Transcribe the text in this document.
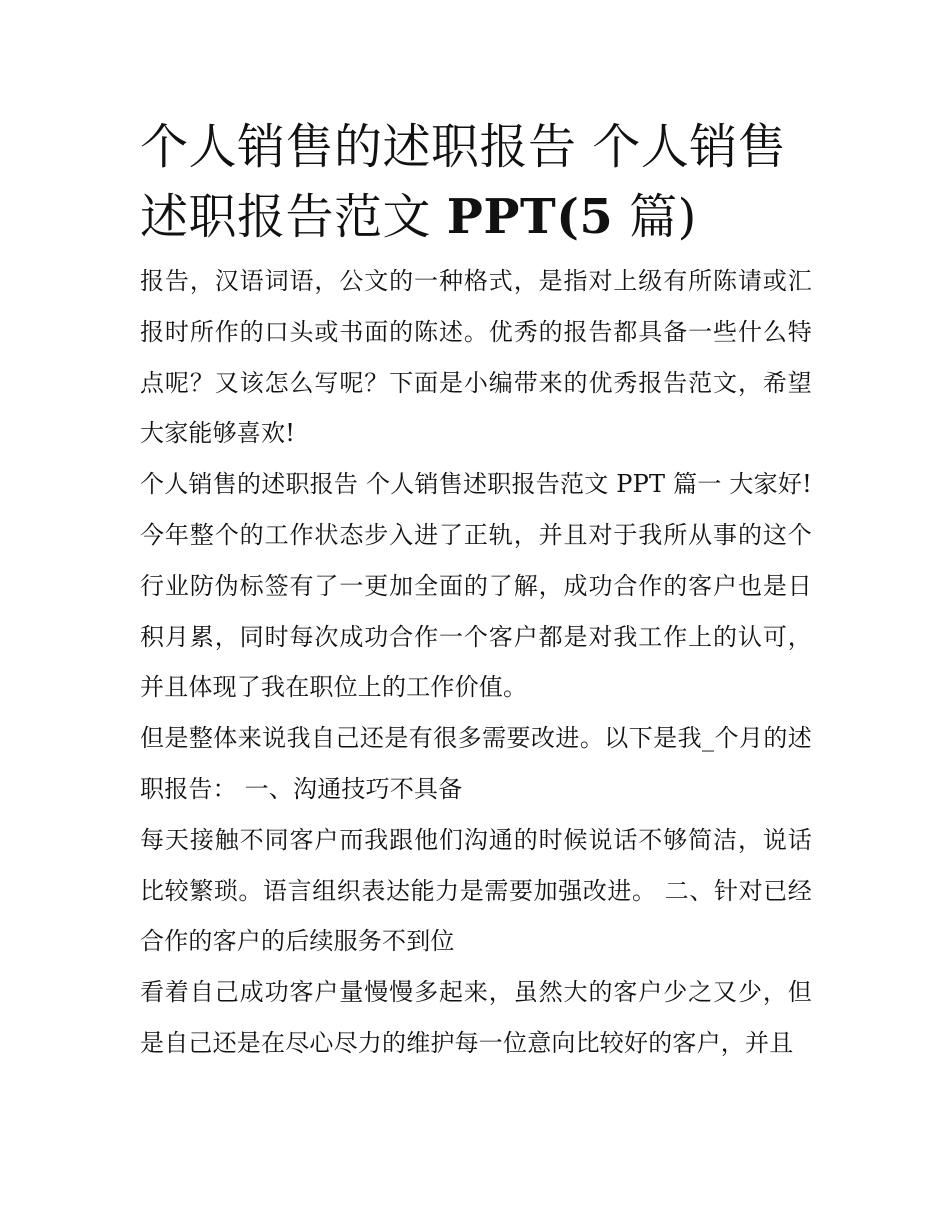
个人销售的述职报告 个人销售述职报告范文 PPT(5 篇)

报告，汉语词语，公文的一种格式，是指对上级有所陈请或汇报时所作的口头或书面的陈述。优秀的报告都具备一些什么特点呢？又该怎么写呢？下面是小编带来的优秀报告范文，希望大家能够喜欢!

个人销售的述职报告 个人销售述职报告范文 PPT 篇一 大家好! 今年整个的工作状态步入进了正轨，并且对于我所从事的这个行业防伪标签有了一更加全面的了解，成功合作的客户也是日积月累，同时每次成功合作一个客户都是对我工作上的认可，并且体现了我在职位上的工作价值。

但是整体来说我自己还是有很多需要改进。以下是我_个月的述职报告： 一、沟通技巧不具备

每天接触不同客户而我跟他们沟通的时候说话不够简洁，说话比较繁琐。语言组织表达能力是需要加强改进。 二、针对已经合作的客户的后续服务不到位

看着自己成功客户量慢慢多起来，虽然大的客户少之又少，但是自己还是在尽心尽力的维护每一位意向比较好的客户，并且
